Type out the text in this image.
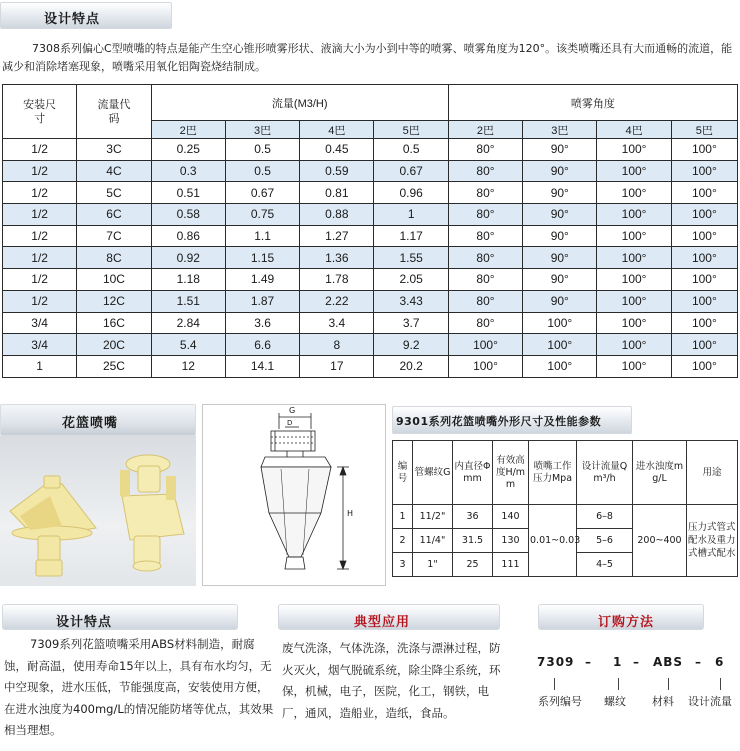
设计特点

7308系列偏心C型喷嘴的特点是能产生空心锥形喷雾形状、液滴大小为小到中等的喷雾、喷雾角度为120°。该类喷嘴还具有大而通畅的流道，能减少和消除堵塞现象，喷嘴采用氧化铝陶瓷烧结制成。

安装尺寸	流量代码	流量(M3/H)				喷雾角度			
		2巴	3巴	4巴	5巴	2巴	3巴	4巴	5巴
1/2	3C	0.25	0.5	0.45	0.5	80°	90°	100°	100°
1/2	4C	0.3	0.5	0.59	0.67	80°	90°	100°	100°
1/2	5C	0.51	0.67	0.81	0.96	80°	90°	100°	100°
1/2	6C	0.58	0.75	0.88	1	80°	90°	100°	100°
1/2	7C	0.86	1.1	1.27	1.17	80°	90°	100°	100°
1/2	8C	0.92	1.15	1.36	1.55	80°	90°	100°	100°
1/2	10C	1.18	1.49	1.78	2.05	80°	90°	100°	100°
1/2	12C	1.51	1.87	2.22	3.43	80°	90°	100°	100°
3/4	16C	2.84	3.6	3.4	3.7	80°	100°	100°	100°
3/4	20C	5.4	6.6	8	9.2	100°	100°	100°	100°
1	25C	12	14.1	17	20.2	100°	100°	100°	100°
花篮喷嘴
G
D
H
9301系列花篮喷嘴外形尺寸及性能参数
编号	管螺纹G	内直径Φ mm	有效高度H/mm	喷嘴工作压力Mpa	设计流量Qm³/h	进水浊度mg/L	用途
1	11/2"	36	140	0.01~0.03	6–8	200~400	压力式管式配水及重力式槽式配水
2	11/4"	31.5	130		5–6		
3	1"	25	111		4–5		
设计特点

7309系列花篮喷嘴采用ABS材料制造，耐腐蚀，耐高温，使用寿命15年以上，具有布水均匀，无中空现象，进水压低，节能强度高，安装使用方便，在进水浊度为400mg/L的情况能防堵等优点，其效果相当理想。

典型应用

废气洗涤，气体洗涤，洗涤与漂淋过程，防火灭火，烟气脱硫系统，除尘降尘系统，环保，机械，电子，医院，化工，钢铁，电厂，通风，造船业，造纸，食品。

订购方法
7309 – 1 – ABS – 6
系列编号 螺纹 材料 设计流量
